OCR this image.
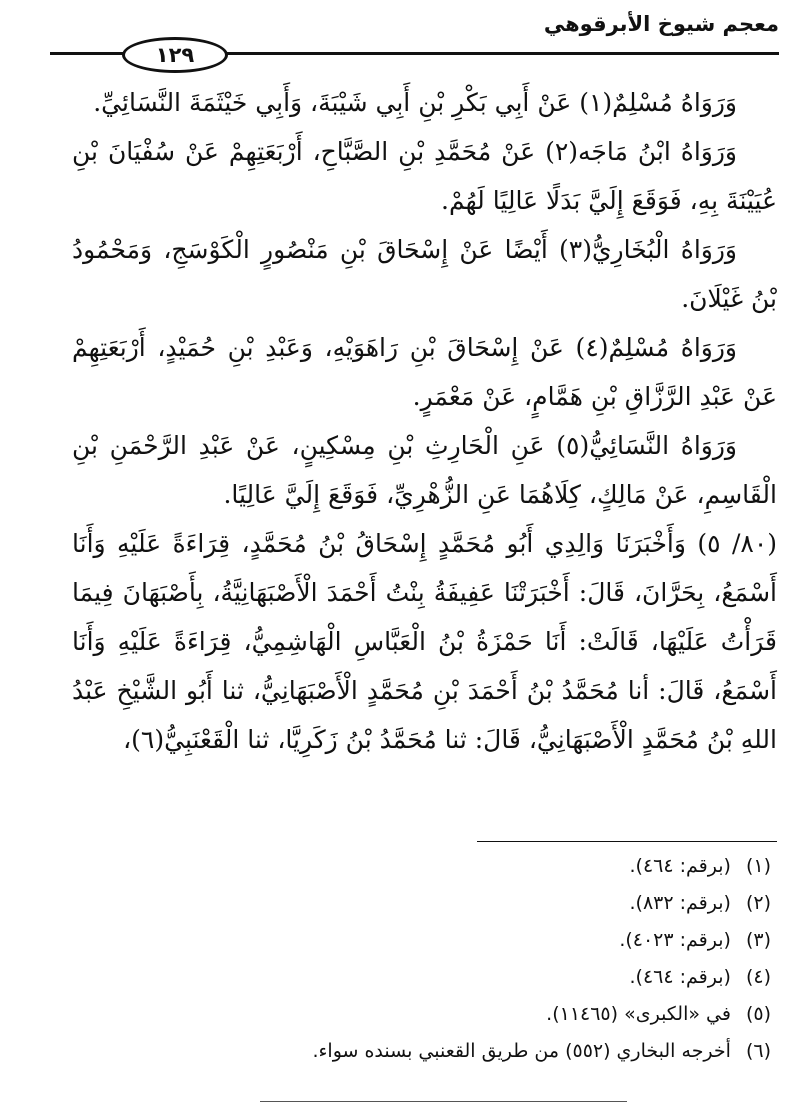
معجم شيوخ الأبرقوهي
١٢٩

وَرَوَاهُ مُسْلِمٌ(١) عَنْ أَبِي بَكْرِ بْنِ أَبِي شَيْبَةَ، وَأَبِي خَيْثَمَةَ النَّسَائِيِّ.

وَرَوَاهُ ابْنُ مَاجَه(٢) عَنْ مُحَمَّدِ بْنِ الصَّبَّاحِ، أَرْبَعَتِهِمْ عَنْ سُفْيَانَ بْنِ عُيَيْنَةَ بِهِ، فَوَقَعَ إِلَيَّ بَدَلًا عَالِيًا لَهُمْ.

وَرَوَاهُ الْبُخَارِيُّ(٣) أَيْضًا عَنْ إِسْحَاقَ بْنِ مَنْصُورٍ الْكَوْسَجِ، وَمَحْمُودُ بْنُ غَيْلَانَ.

وَرَوَاهُ مُسْلِمٌ(٤) عَنْ إِسْحَاقَ بْنِ رَاهَوَيْهِ، وَعَبْدِ بْنِ حُمَيْدٍ، أَرْبَعَتِهِمْ عَنْ عَبْدِ الرَّزَّاقِ بْنِ هَمَّامٍ، عَنْ مَعْمَرٍ.

وَرَوَاهُ النَّسَائِيُّ(٥) عَنِ الْحَارِثِ بْنِ مِسْكِينٍ، عَنْ عَبْدِ الرَّحْمَنِ بْنِ الْقَاسِمِ، عَنْ مَالِكٍ، كِلَاهُمَا عَنِ الزُّهْرِيِّ، فَوَقَعَ إِلَيَّ عَالِيًا.

(٨٠/ ٥) وَأَخْبَرَنَا وَالِدِي أَبُو مُحَمَّدٍ إِسْحَاقُ بْنُ مُحَمَّدٍ، قِرَاءَةً عَلَيْهِ وَأَنَا أَسْمَعُ، بِحَرَّانَ، قَالَ: أَخْبَرَتْنَا عَفِيفَةُ بِنْتُ أَحْمَدَ الْأَصْبَهَانِيَّةُ، بِأَصْبَهَانَ فِيمَا قَرَأْتُ عَلَيْهَا، قَالَتْ: أَنَا حَمْزَةُ بْنُ الْعَبَّاسِ الْهَاشِمِيُّ، قِرَاءَةً عَلَيْهِ وَأَنَا أَسْمَعُ، قَالَ: أنا مُحَمَّدُ بْنُ أَحْمَدَ بْنِ مُحَمَّدٍ الْأَصْبَهَانِيُّ، ثنا أَبُو الشَّيْخِ عَبْدُ اللهِ بْنُ مُحَمَّدٍ الْأَصْبَهَانِيُّ، قَالَ: ثنا مُحَمَّدُ بْنُ زَكَرِيَّا، ثنا الْقَعْنَبِيُّ(٦)،

(١) (برقم: ٤٦٤).
(٢) (برقم: ٨٣٢).
(٣) (برقم: ٤٠٢٣).
(٤) (برقم: ٤٦٤).
(٥) في «الكبرى» (١١٤٦٥).
(٦) أخرجه البخاري (٥٥٢) من طريق القعنبي بسنده سواء.
